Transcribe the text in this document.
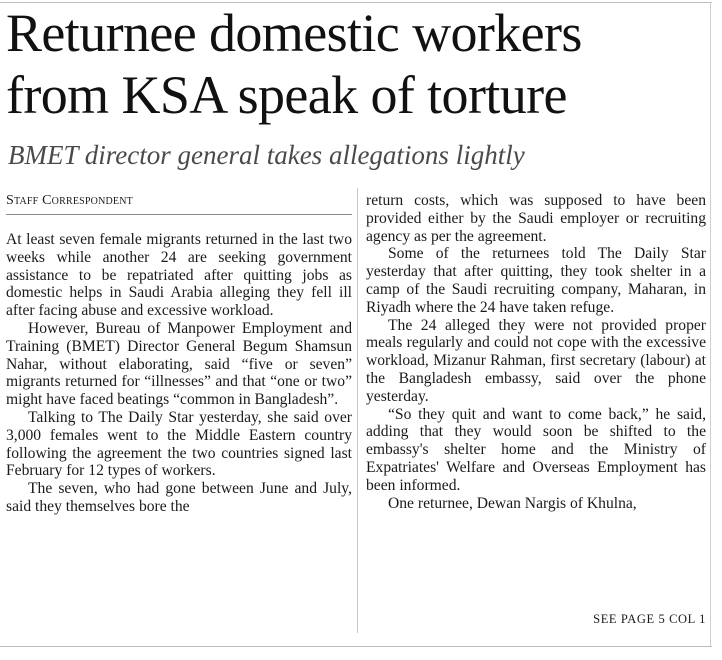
Returnee domestic workers
from KSA speak of torture
BMET director general takes allegations lightly
Staff Correspondent

At least seven female migrants returned in the last two weeks while another 24 are seeking government assistance to be repatriated after quitting jobs as domestic helps in Saudi Arabia alleging they fell ill after facing abuse and excessive workload.

However, Bureau of Manpower Employment and Training (BMET) Director General Begum Shamsun Nahar, without elaborating, said “five or seven” migrants returned for “illnesses” and that “one or two” might have faced beatings “common in Bangladesh”.

Talking to The Daily Star yesterday, she said over 3,000 females went to the Middle Eastern country following the agreement the two countries signed last February for 12 types of workers.

The seven, who had gone between June and July, said they themselves bore the

return costs, which was supposed to have been provided either by the Saudi employer or recruiting agency as per the agreement.

Some of the returnees told The Daily Star yesterday that after quitting, they took shelter in a camp of the Saudi recruiting company, Maharan, in Riyadh where the 24 have taken refuge.

The 24 alleged they were not provided proper meals regularly and could not cope with the excessive workload, Mizanur Rahman, first secretary (labour) at the Bangladesh embassy, said over the phone yesterday.

“So they quit and want to come back,” he said, adding that they would soon be shifted to the embassy's shelter home and the Ministry of Expatriates' Welfare and Overseas Employment has been informed.

One returnee, Dewan Nargis of Khulna,

SEE PAGE 5 COL 1
